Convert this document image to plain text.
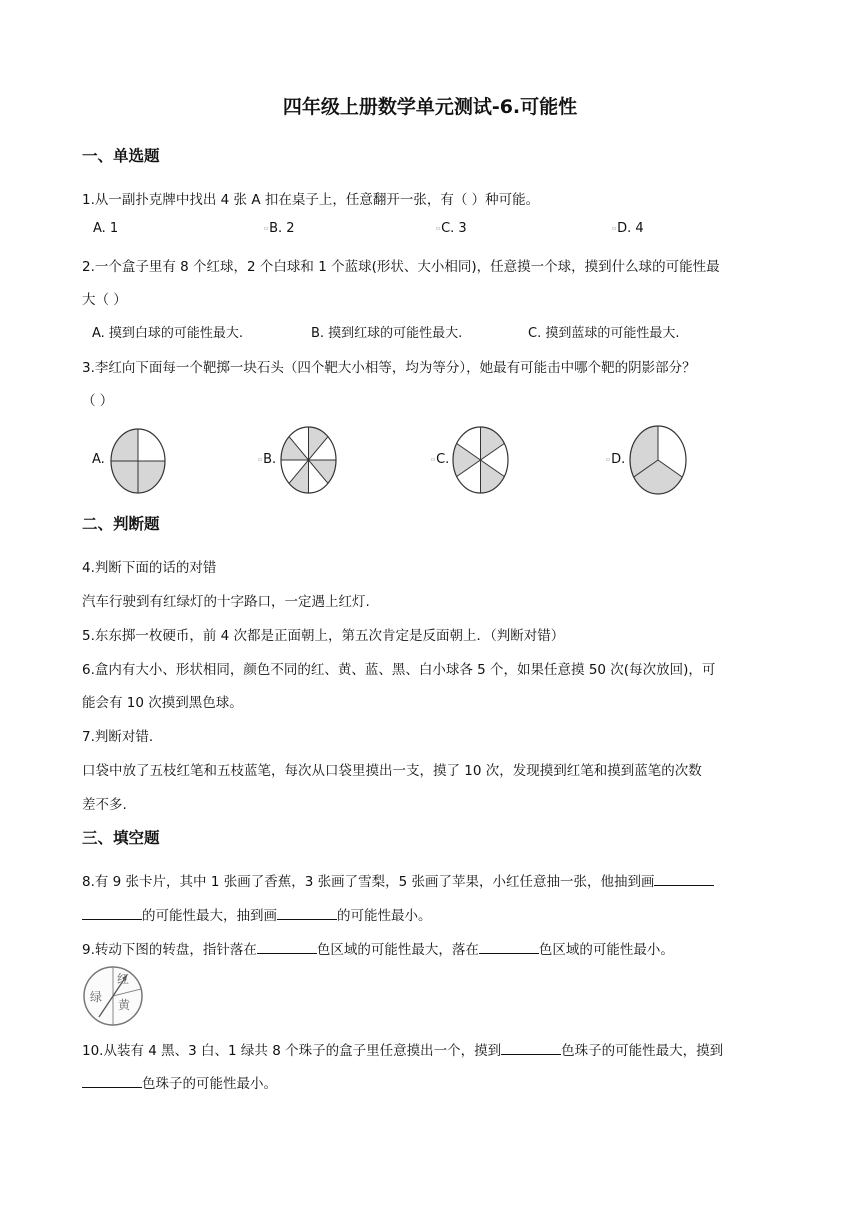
四年级上册数学单元测试-6.可能性
一、单选题
1.从一副扑克牌中找出 4 张 A 扣在桌子上，任意翻开一张，有（ ）种可能。
A. 1	▫B. 2	▫C. 3	▫D. 4
2.一个盒子里有 8 个红球，2 个白球和 1 个蓝球(形状、大小相同)，任意摸一个球，摸到什么球的可能性最
大（ ）
A. 摸到白球的可能性最大.	B. 摸到红球的可能性最大.	C. 摸到蓝球的可能性最大.
3.李红向下面每一个靶掷一块石头（四个靶大小相等，均为等分），她最有可能击中哪个靶的阴影部分？
（ ）
A.	▫B.	▫C.	▫D.
二、判断题
4.判断下面的话的对错
汽车行驶到有红绿灯的十字路口，一定遇上红灯.
5.东东掷一枚硬币，前 4 次都是正面朝上，第五次肯定是反面朝上．（判断对错）
6.盒内有大小、形状相同，颜色不同的红、黄、蓝、黑、白小球各 5 个，如果任意摸 50 次(每次放回)，可
能会有 10 次摸到黑色球。
7.判断对错.
口袋中放了五枝红笔和五枝蓝笔，每次从口袋里摸出一支，摸了 10 次，发现摸到红笔和摸到蓝笔的次数
差不多.
三、填空题
8.有 9 张卡片，其中 1 张画了香蕉，3 张画了雪梨，5 张画了苹果，小红任意抽一张，他抽到画
的可能性最大，抽到画	的可能性最小。
9.转动下图的转盘，指针落在	色区域的可能性最大，落在	色区域的可能性最小。
红
黄
绿
10.从装有 4 黑、3 白、1 绿共 8 个珠子的盒子里任意摸出一个，摸到	色珠子的可能性最大，摸到
色珠子的可能性最小。
